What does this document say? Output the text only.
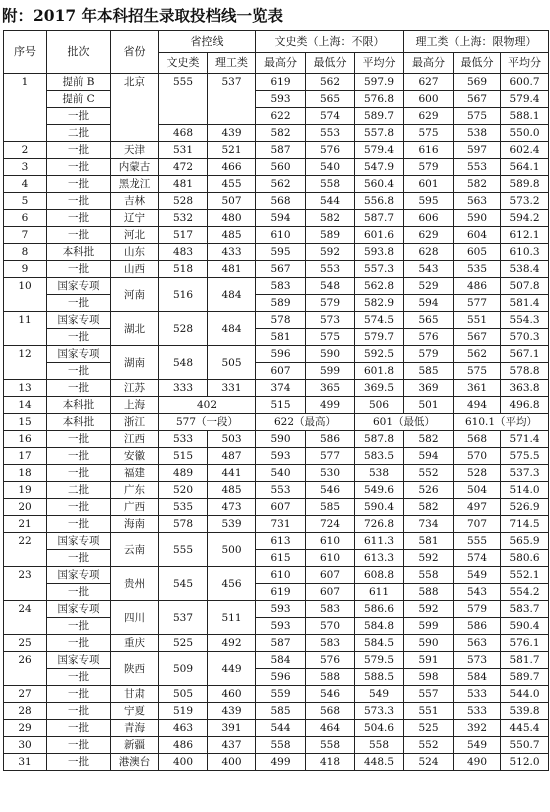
附：2017 年本科招生录取投档线一览表
序号	批次	省份	省控线		文史类（上海：不限）			理工类（上海：限物理）		
			文史类	理工类	最高分	最低分	平均分	最高分	最低分	平均分
1	提前 B	北京	555	537	619	562	597.9	627	569	600.7
	提前 C				593	565	576.8	600	567	579.4
	一批				622	574	589.7	629	575	588.1
	二批		468	439	582	553	557.8	575	538	550.0
2	一批	天津	531	521	587	576	579.4	616	597	602.4
3	一批	内蒙古	472	466	560	540	547.9	579	553	564.1
4	一批	黑龙江	481	455	562	558	560.4	601	582	589.8
5	一批	吉林	528	507	568	544	556.8	595	563	573.2
6	一批	辽宁	532	480	594	582	587.7	606	590	594.2
7	一批	河北	517	485	610	589	601.6	629	604	612.1
8	本科批	山东	483	433	595	592	593.8	628	605	610.3
9	一批	山西	518	481	567	553	557.3	543	535	538.4
10	国家专项	河南	516	484	583	548	562.8	529	486	507.8
	一批				589	579	582.9	594	577	581.4
11	国家专项	湖北	528	484	578	573	574.5	565	551	554.3
	一批				581	575	579.7	576	567	570.3
12	国家专项	湖南	548	505	596	590	592.5	579	562	567.1
	一批				607	599	601.8	585	575	578.8
13	一批	江苏	333	331	374	365	369.5	369	361	363.8
14	本科批	上海	402		515	499	506	501	494	496.8
15	本科批	浙江	577（一段）		622（最高）		601（最低）		610.1（平均）	
16	一批	江西	533	503	590	586	587.8	582	568	571.4
17	一批	安徽	515	487	593	577	583.5	594	570	575.5
18	一批	福建	489	441	540	530	538	552	528	537.3
19	二批	广东	520	485	553	546	549.6	526	504	514.0
20	一批	广西	535	473	607	585	590.4	582	497	526.9
21	一批	海南	578	539	731	724	726.8	734	707	714.5
22	国家专项	云南	555	500	613	610	611.3	581	555	565.9
	一批				615	610	613.3	592	574	580.6
23	国家专项	贵州	545	456	610	607	608.8	558	549	552.1
	一批				619	607	611	588	543	554.2
24	国家专项	四川	537	511	593	583	586.6	592	579	583.7
	一批				593	570	584.8	599	586	590.4
25	一批	重庆	525	492	587	583	584.5	590	563	576.1
26	国家专项	陕西	509	449	584	576	579.5	591	573	581.7
	一批				596	588	588.5	598	584	589.7
27	一批	甘肃	505	460	559	546	549	557	533	544.0
28	一批	宁夏	519	439	585	568	573.3	551	533	539.8
29	一批	青海	463	391	544	464	504.6	525	392	445.4
30	一批	新疆	486	437	558	558	558	552	549	550.7
31	一批	港澳台	400	400	499	418	448.5	524	490	512.0
